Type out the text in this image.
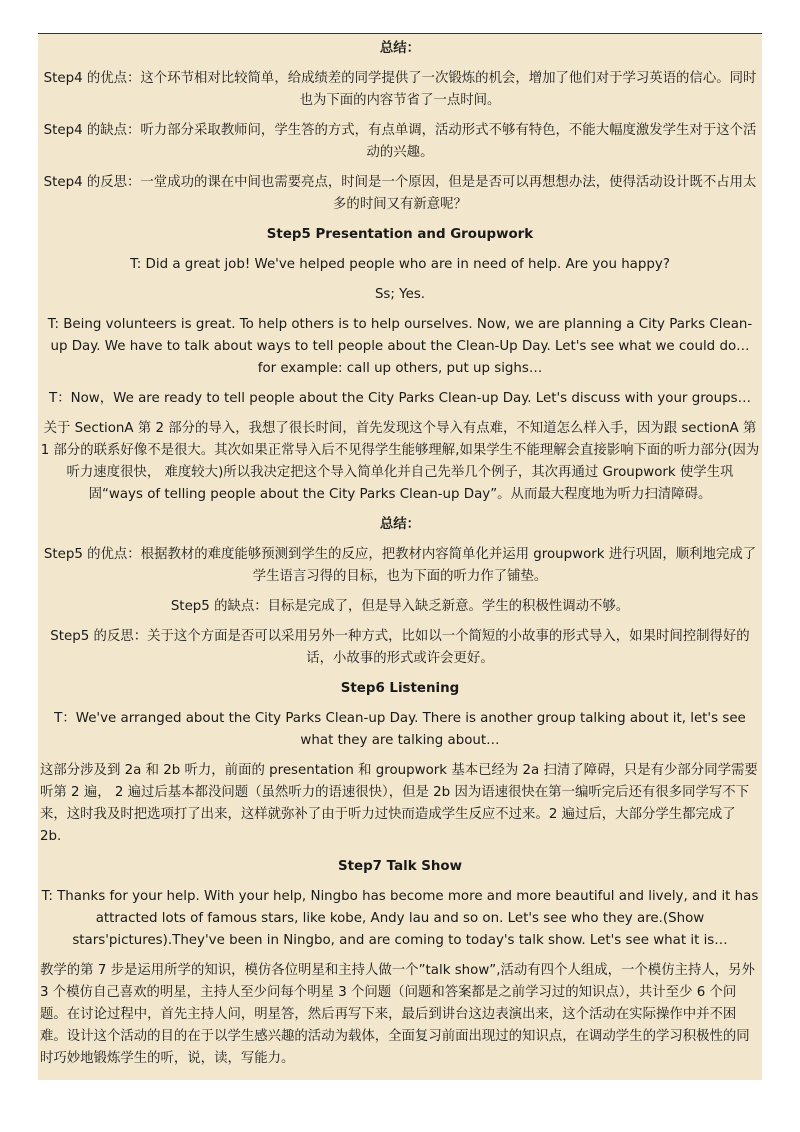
总结：

Step4 的优点：这个环节相对比较简单，给成绩差的同学提供了一次锻炼的机会，增加了他们对于学习英语的信心。同时也为下面的内容节省了一点时间。

Step4 的缺点：听力部分采取教师问，学生答的方式，有点单调，活动形式不够有特色，不能大幅度激发学生对于这个活动的兴趣。

Step4 的反思：一堂成功的课在中间也需要亮点，时间是一个原因，但是是否可以再想想办法，使得活动设计既不占用太多的时间又有新意呢？

Step5 Presentation and Groupwork

T: Did a great job! We've helped people who are in need of help. Are you happy?

Ss; Yes.

T: Being volunteers is great. To help others is to help ourselves. Now, we are planning a City Parks Clean-up Day. We have to talk about ways to tell people about the Clean-Up Day. Let's see what we could do… for example: call up others, put up sighs…

T：Now，We are ready to tell people about the City Parks Clean-up Day. Let's discuss with your groups…

关于 SectionA 第 2 部分的导入，我想了很长时间，首先发现这个导入有点难，不知道怎么样入手，因为跟 sectionA 第 1 部分的联系好像不是很大。其次如果正常导入后不见得学生能够理解,如果学生不能理解会直接影响下面的听力部分(因为听力速度很快， 难度较大)所以我决定把这个导入简单化并自己先举几个例子，其次再通过 Groupwork 使学生巩固“ways of telling people about the City Parks Clean-up Day”。从而最大程度地为听力扫清障碍。

总结：

Step5 的优点：根据教材的难度能够预测到学生的反应，把教材内容简单化并运用 groupwork 进行巩固，顺利地完成了学生语言习得的目标，也为下面的听力作了铺垫。

Step5 的缺点：目标是完成了，但是导入缺乏新意。学生的积极性调动不够。

Step5 的反思：关于这个方面是否可以采用另外一种方式，比如以一个简短的小故事的形式导入，如果时间控制得好的话，小故事的形式或许会更好。

Step6 Listening

T：We've arranged about the City Parks Clean-up Day. There is another group talking about it, let's see what they are talking about…

这部分涉及到 2a 和 2b 听力，前面的 presentation 和 groupwork 基本已经为 2a 扫清了障碍，只是有少部分同学需要听第 2 遍， 2 遍过后基本都没问题（虽然听力的语速很快），但是 2b 因为语速很快在第一编听完后还有很多同学写不下来，这时我及时把选项打了出来，这样就弥补了由于听力过快而造成学生反应不过来。2 遍过后，大部分学生都完成了 2b.

Step7 Talk Show

T: Thanks for your help. With your help, Ningbo has become more and more beautiful and lively, and it has attracted lots of famous stars, like kobe, Andy lau and so on. Let's see who they are.(Show stars'pictures).They've been in Ningbo, and are coming to today's talk show. Let's see what it is…

教学的第 7 步是运用所学的知识，模仿各位明星和主持人做一个”talk show”,活动有四个人组成，一个模仿主持人，另外 3 个模仿自己喜欢的明星，主持人至少问每个明星 3 个问题（问题和答案都是之前学习过的知识点），共计至少 6 个问题。在讨论过程中，首先主持人问，明星答，然后再写下来，最后到讲台这边表演出来，这个活动在实际操作中并不困难。设计这个活动的目的在于以学生感兴趣的活动为载体，全面复习前面出现过的知识点，在调动学生的学习积极性的同时巧妙地锻炼学生的听，说，读，写能力。
